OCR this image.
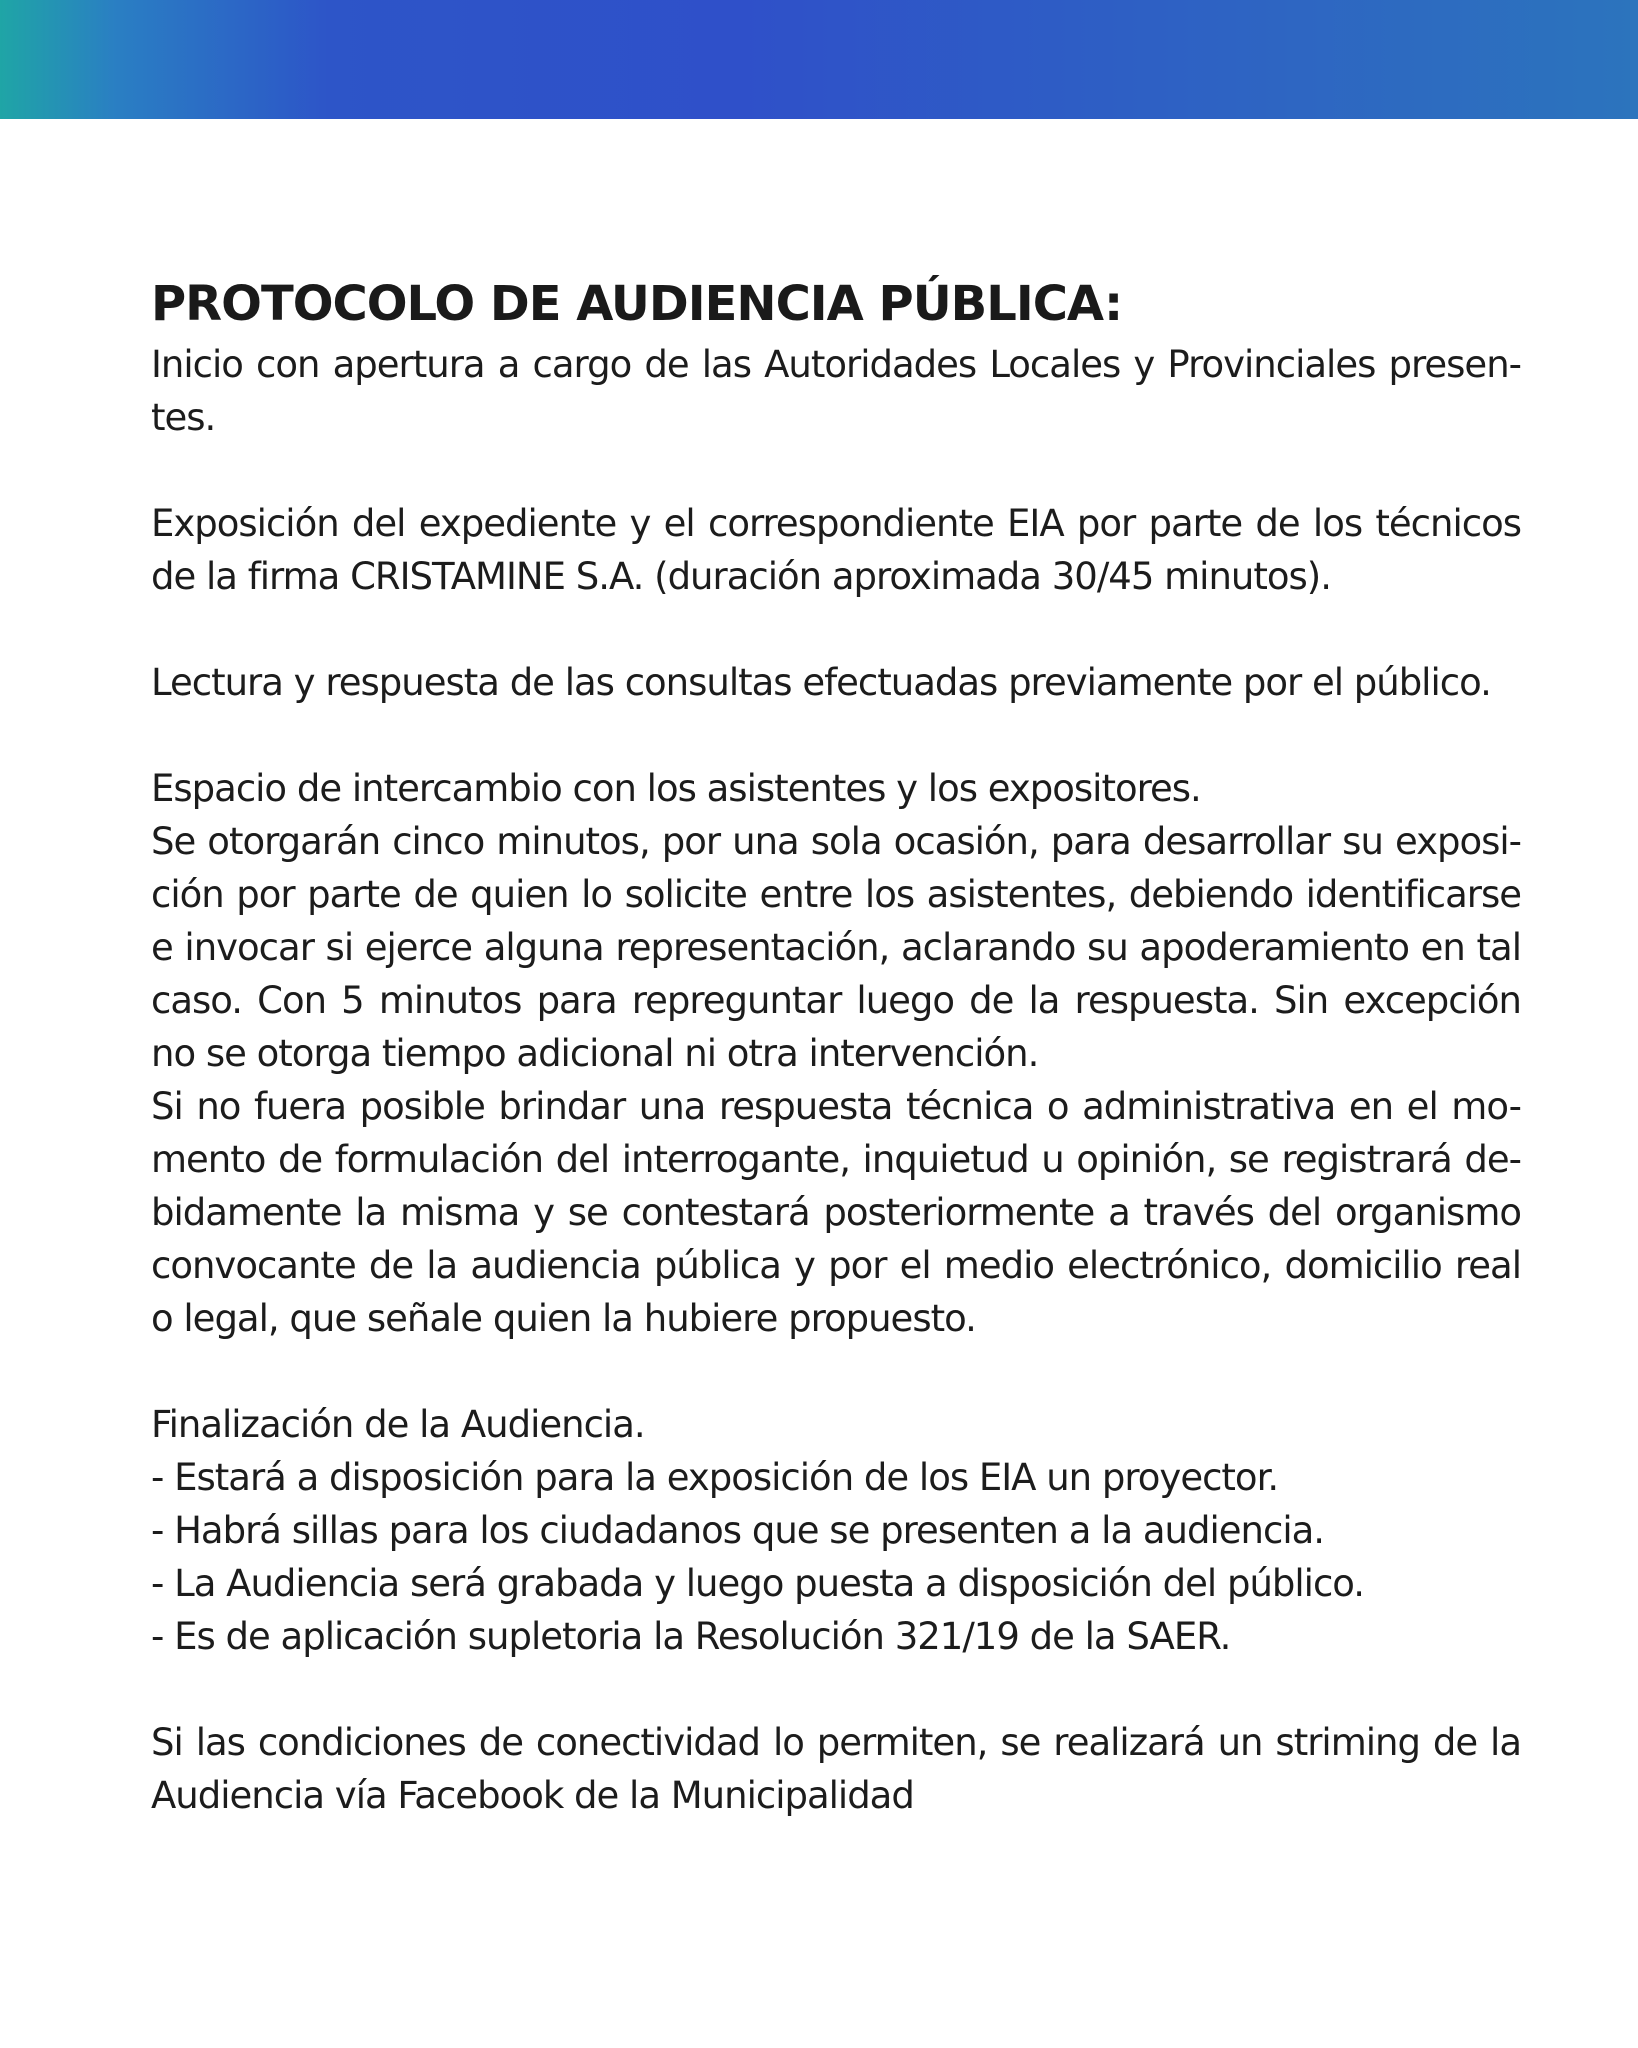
PROTOCOLO DE AUDIENCIA PÚBLICA:

Inicio con apertura a cargo de las Autoridades Locales y Provinciales presen-tes.

Exposición del expediente y el correspondiente EIA por parte de los técnicos de la firma CRISTAMINE S.A. (duración aproximada 30/45 minutos).

Lectura y respuesta de las consultas efectuadas previamente por el público.

Espacio de intercambio con los asistentes y los expositores.

Se otorgarán cinco minutos, por una sola ocasión, para desarrollar su exposi-ción por parte de quien lo solicite entre los asistentes, debiendo identificarse e invocar si ejerce alguna representación, aclarando su apoderamiento en tal caso. Con 5 minutos para repreguntar luego de la respuesta. Sin excepción no se otorga tiempo adicional ni otra intervención.

Si no fuera posible brindar una respuesta técnica o administrativa en el mo-mento de formulación del interrogante, inquietud u opinión, se registrará de-bidamente la misma y se contestará posteriormente a través del organismo convocante de la audiencia pública y por el medio electrónico, domicilio real o legal, que señale quien la hubiere propuesto.

Finalización de la Audiencia.

- Estará a disposición para la exposición de los EIA un proyector.

- Habrá sillas para los ciudadanos que se presenten a la audiencia.

- La Audiencia será grabada y luego puesta a disposición del público.

- Es de aplicación supletoria la Resolución 321/19 de la SAER.

Si las condiciones de conectividad lo permiten, se realizará un striming de la Audiencia vía Facebook de la Municipalidad
